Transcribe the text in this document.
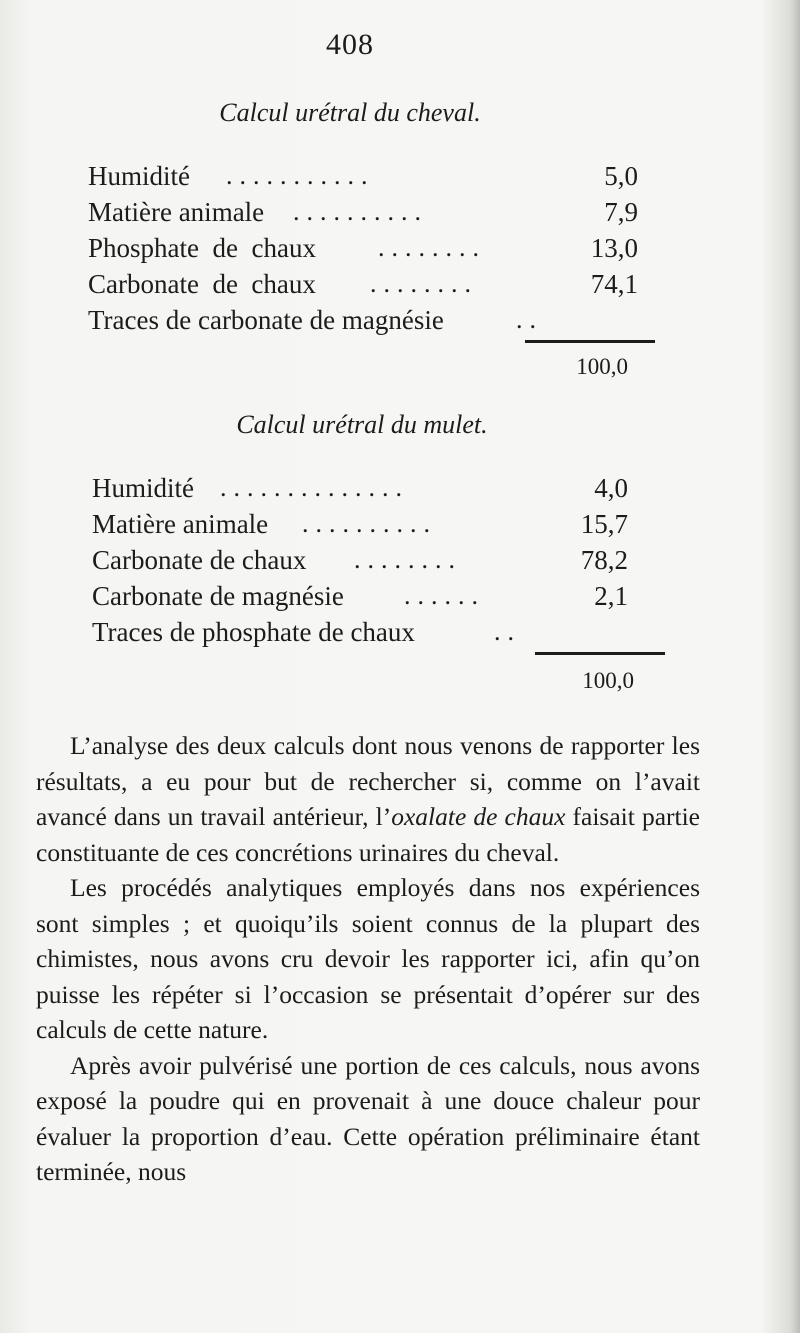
408
Calcul urétral du cheval.
Humidité ...........	5,0
Matière animale ..........	7,9
Phosphate  de  chaux ........	13,0
Carbonate  de  chaux ........	74,1
Traces de carbonate de magnésie	..
100,0
Calcul urétral du mulet.
Humidité ..............	4,0
Matière animale ..........	15,7
Carbonate de chaux ........	78,2
Carbonate de magnésie ......	2,1
Traces de phosphate de chaux	..
100,0

L’analyse des deux calculs dont nous venons de rapporter les résultats, a eu pour but de rechercher si, comme on l’avait avancé dans un travail antérieur, l’oxalate de chaux faisait partie constituante de ces concrétions urinaires du cheval.

Les procédés analytiques employés dans nos expériences sont simples ; et quoiqu’ils soient connus de la plupart des chimistes, nous avons cru devoir les rapporter ici, afin qu’on puisse les répéter si l’occasion se présentait d’opérer sur des calculs de cette nature.

Après avoir pulvérisé une portion de ces calculs, nous avons exposé la poudre qui en provenait à une douce chaleur pour évaluer la proportion d’eau. Cette opération préliminaire étant terminée, nous
